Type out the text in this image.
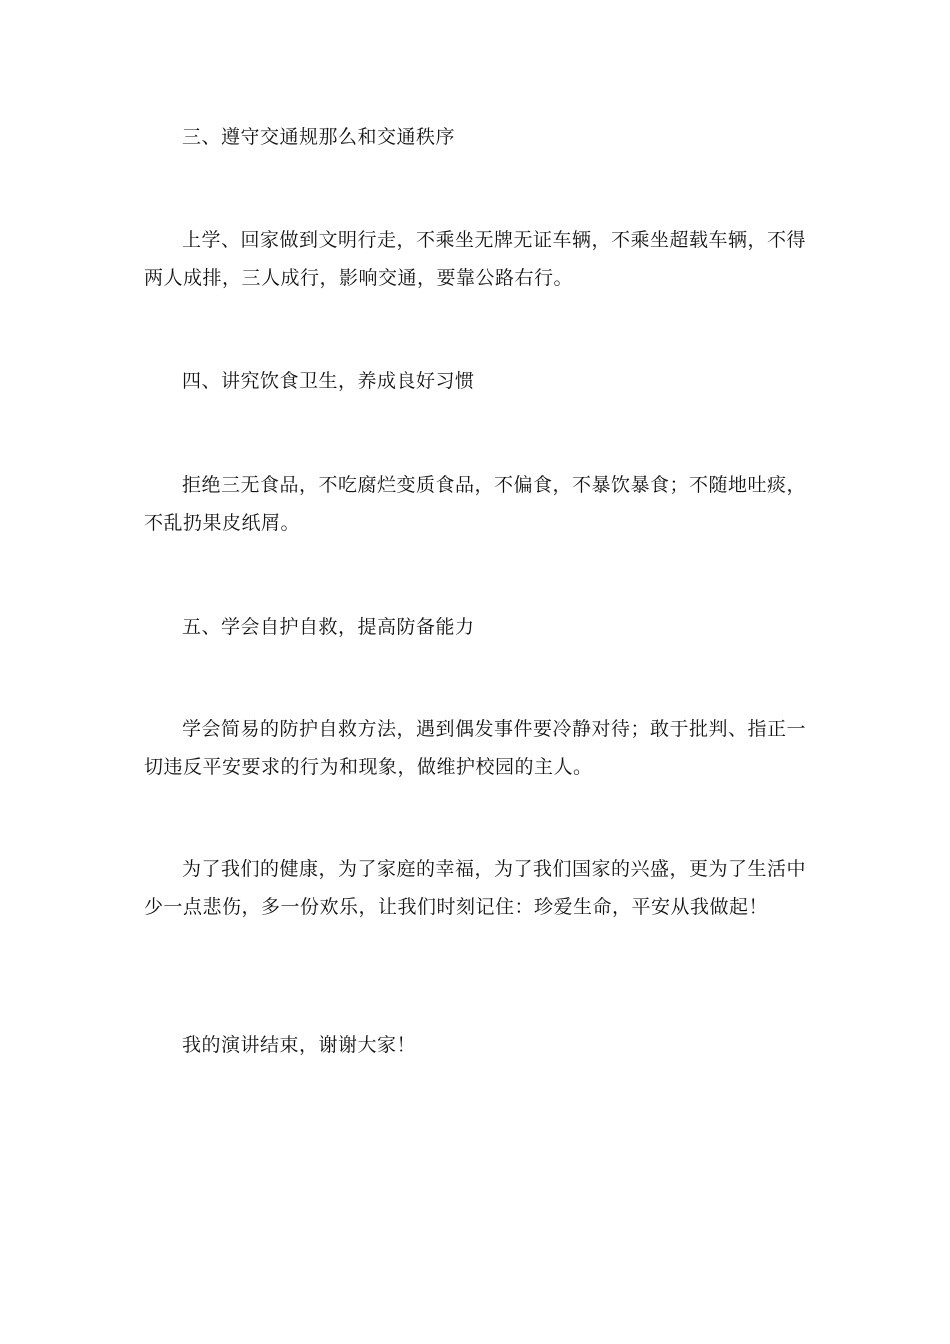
三、遵守交通规那么和交通秩序

上学、回家做到文明行走，不乘坐无牌无证车辆，不乘坐超载车辆，不得两人成排，三人成行，影响交通，要靠公路右行。

四、讲究饮食卫生，养成良好习惯

拒绝三无食品，不吃腐烂变质食品，不偏食，不暴饮暴食；不随地吐痰，不乱扔果皮纸屑。

五、学会自护自救，提高防备能力

学会简易的防护自救方法，遇到偶发事件要冷静对待；敢于批判、指正一切违反平安要求的行为和现象，做维护校园的主人。

为了我们的健康，为了家庭的幸福，为了我们国家的兴盛，更为了生活中少一点悲伤，多一份欢乐，让我们时刻记住：珍爱生命，平安从我做起！

我的演讲结束，谢谢大家！
